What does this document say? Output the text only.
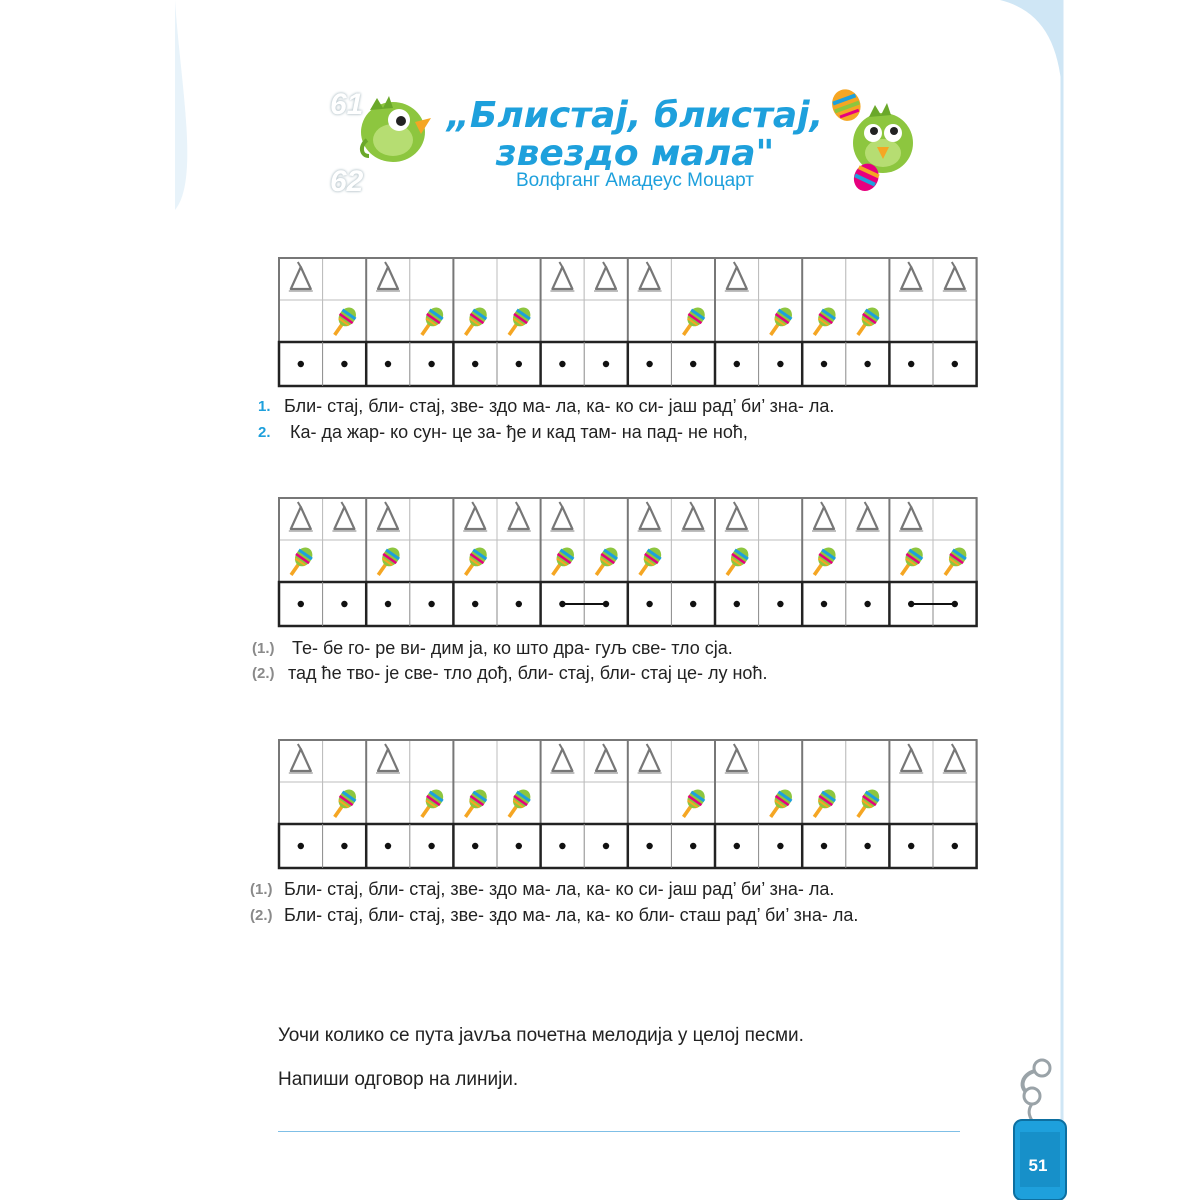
61
62
„Блистај, блистај,
звездо мала"
Волфганг Амадеус Моцарт
1. Бли- стај, бли- стај, зве- здо ма- ла, ка- ко си- јаш рад’ би’ зна- ла.
2. Ка- да жар- ко сун- це за- ђе и кад там- на пад- не ноћ,
(1.) Те- бе го- ре ви- дим ја, ко што дра- гуљ све- тло сја.
(2.) тад ће тво- је све- тло дођ, бли- стај, бли- стај це- лу ноћ.
(1.) Бли- стај, бли- стај, зве- здо ма- ла, ка- ко си- јаш рад’ би’ зна- ла.
(2.) Бли- стај, бли- стај, зве- здо ма- ла, ка- ко бли- сташ рад’ би’ зна- ла.
Уочи колико се пута javља почетна мелодија у целој песми.
Напиши одговор на линији.
51
